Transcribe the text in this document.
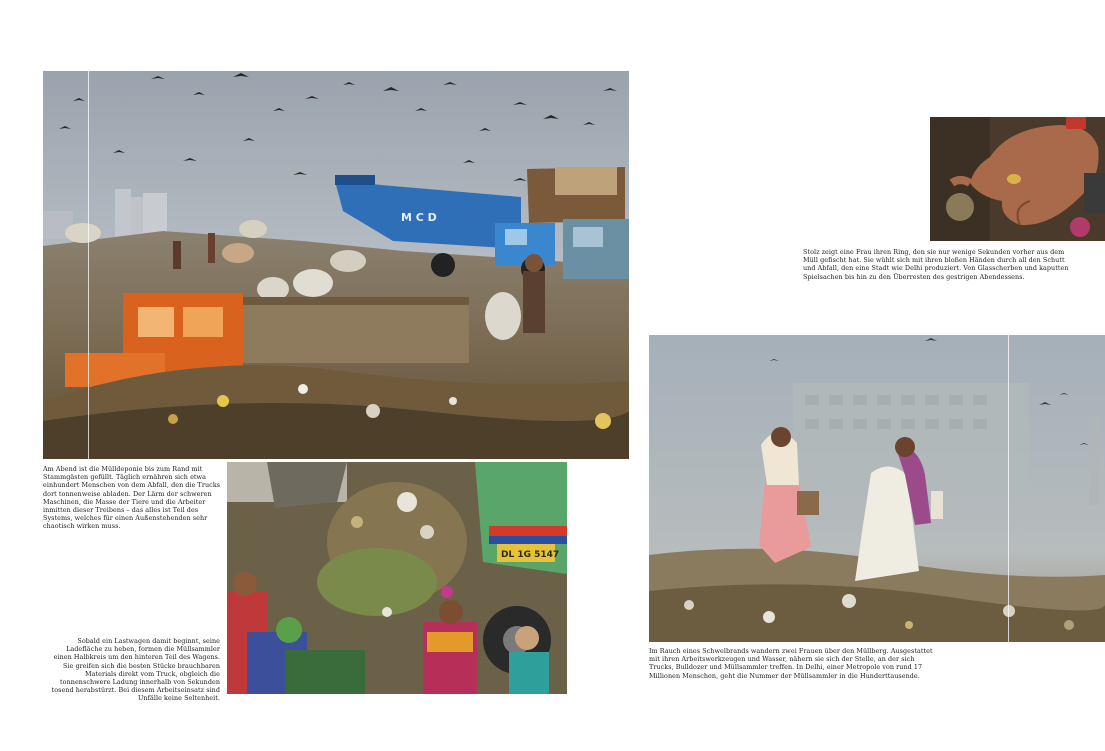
M C D

Am Abend ist die Mülldeponie bis zum Rand mit Stammgästen gefüllt. Täglich ernähren sich etwa einhundert Menschen von dem Abfall, den die Trucks dort tonnenweise abladen. Der Lärm der schweren Maschinen, die Masse der Tiere und die Arbeiter inmitten dieser Treibens – das alles ist Teil des Systems, welches für einen Außenstehenden sehr chaotisch wirken muss.

DL 1G 5147

Sobald ein Lastwagen damit beginnt, seine Ladefläche zu heben, formen die Müllsammler einen Halbkreis um den hinteren Teil des Wagens. Sie greifen sich die besten Stücke brauchbaren Materials direkt vom Truck, obgleich die tonnenschwere Ladung innerhalb von Sekunden tosend herabstürzt. Bei diesem Arbeitseinsatz sind Unfälle keine Seltenheit.

Stolz zeigt eine Frau ihren Ring, den sie nur wenige Sekunden vorher aus dem Müll gefischt hat. Sie wühlt sich mit ihren bloßen Händen durch all den Schutt und Abfall, den eine Stadt wie Delhi produziert. Von Glasscherben und kaputten Spielsachen bis hin zu den Überresten des gestrigen Abendessens.

Im Rauch eines Schwelbrands wandern zwei Frauen über den Müllberg. Ausgestattet mit ihren Arbeitswerkzeugen und Wasser, nähern sie sich der Stelle, an der sich Trucks, Bulldozer und Müllsammler treffen. In Delhi, einer Metropole von rund 17 Millionen Menschen, geht die Nummer der Müllsammler in die Hunderttausende.
